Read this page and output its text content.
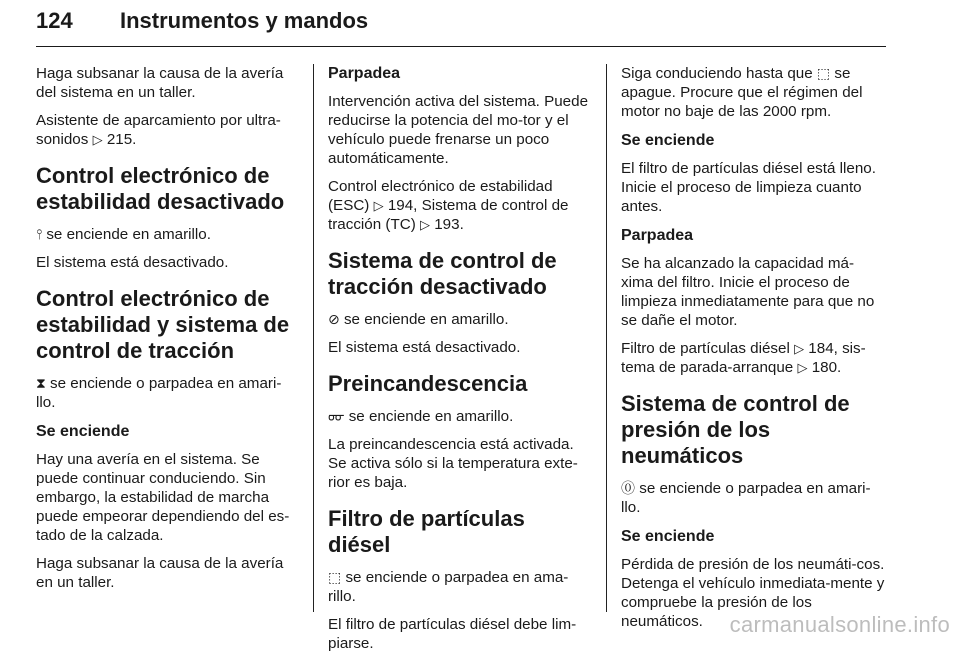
124 Instrumentos y mandos

Haga subsanar la causa de la avería del sistema en un taller.

Asistente de aparcamiento por ultra-sonidos ▷ 215.

Control electrónico de estabilidad desactivado

⫯ se enciende en amarillo.

El sistema está desactivado.

Control electrónico de estabilidad y sistema de control de tracción

⧗ se enciende o parpadea en amari-llo.

Se enciende

Hay una avería en el sistema. Se puede continuar conduciendo. Sin embargo, la estabilidad de marcha puede empeorar dependiendo del es-tado de la calzada.

Haga subsanar la causa de la avería en un taller.

Parpadea

Intervención activa del sistema. Puede reducirse la potencia del mo-tor y el vehículo puede frenarse un poco automáticamente.

Control electrónico de estabilidad (ESC) ▷ 194, Sistema de control de tracción (TC) ▷ 193.

Sistema de control de tracción desactivado

⊘ se enciende en amarillo.

El sistema está desactivado.

Preincandescencia

ᡂ se enciende en amarillo.

La preincandescencia está activada. Se activa sólo si la temperatura exte-rior es baja.

Filtro de partículas diésel

⬚ se enciende o parpadea en ama-rillo.

El filtro de partículas diésel debe lim-piarse.

Siga conduciendo hasta que ⬚ se apague. Procure que el régimen del motor no baje de las 2000 rpm.

Se enciende

El filtro de partículas diésel está lleno. Inicie el proceso de limpieza cuanto antes.

Parpadea

Se ha alcanzado la capacidad má-xima del filtro. Inicie el proceso de limpieza inmediatamente para que no se dañe el motor.

Filtro de partículas diésel ▷ 184, sis-tema de parada-arranque ▷ 180.

Sistema de control de presión de los neumáticos

⓪ se enciende o parpadea en amari-llo.

Se enciende

Pérdida de presión de los neumáti-cos. Detenga el vehículo inmediata-mente y compruebe la presión de los neumáticos.	carmanualsonline.info
